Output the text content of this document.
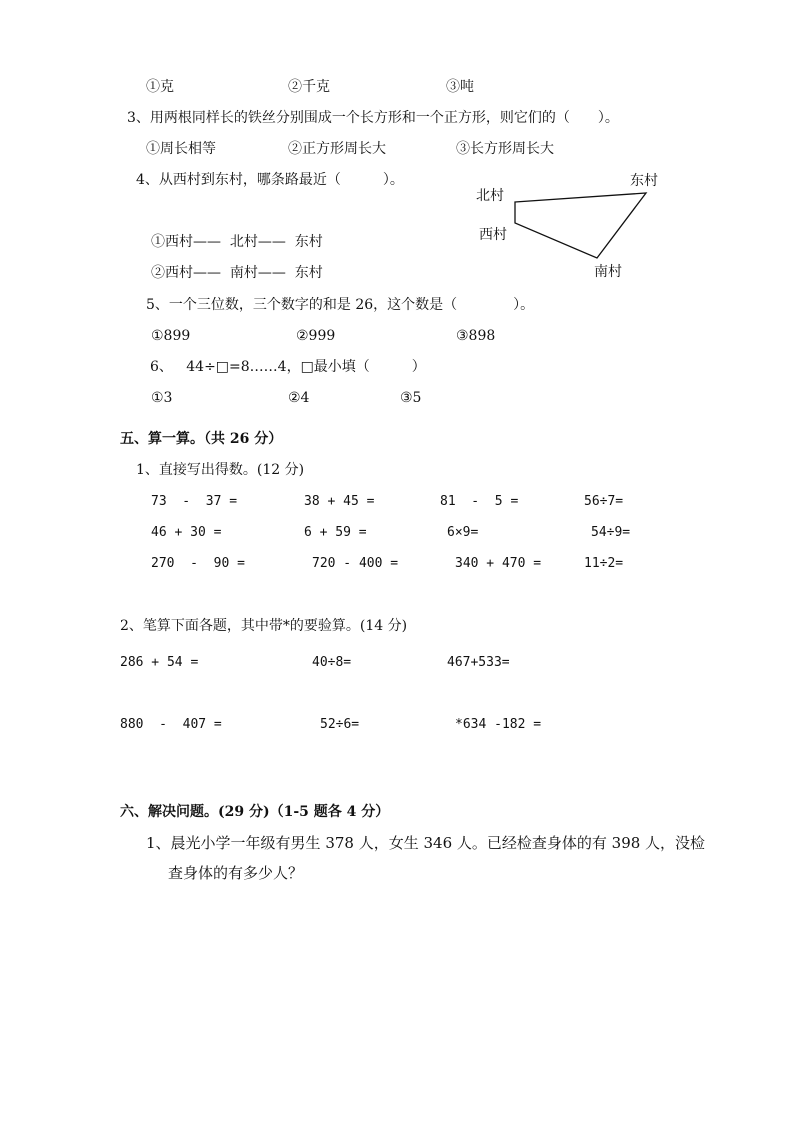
①克	②千克	③吨
3、用两根同样长的铁丝分别围成一个长方形和一个正方形，则它们的（　　）。
①周长相等	②正方形周长大	③长方形周长大
4、从西村到东村，哪条路最近（　　　）。
北村
东村
西村
南村
①西村——  北村——  东村
②西村——  南村——  东村
5、一个三位数，三个数字的和是 26，这个数是（　　　　）。
①899	②999	③898
6、   44÷□=8……4，□最小填（　　　）
①3	②4	③5
五、算一算。（共 26 分）
1、直接写出得数。(12 分)
73  -  37 =	38 + 45 =	81  -  5 =	56÷7=
46 + 30 =	6 + 59 =	6×9=	54÷9=
270  -  90 =	720 - 400 =	340 + 470 =	11÷2=
2、笔算下面各题，其中带*的要验算。(14 分)
286 + 54 =	40÷8=	467+533=
880  -  407 =	52÷6=	*634 -182 =
六、解决问题。(29 分)（1-5 题各 4 分）
1、晨光小学一年级有男生 378 人，女生 346 人。已经检查身体的有 398 人，没检
查身体的有多少人？
